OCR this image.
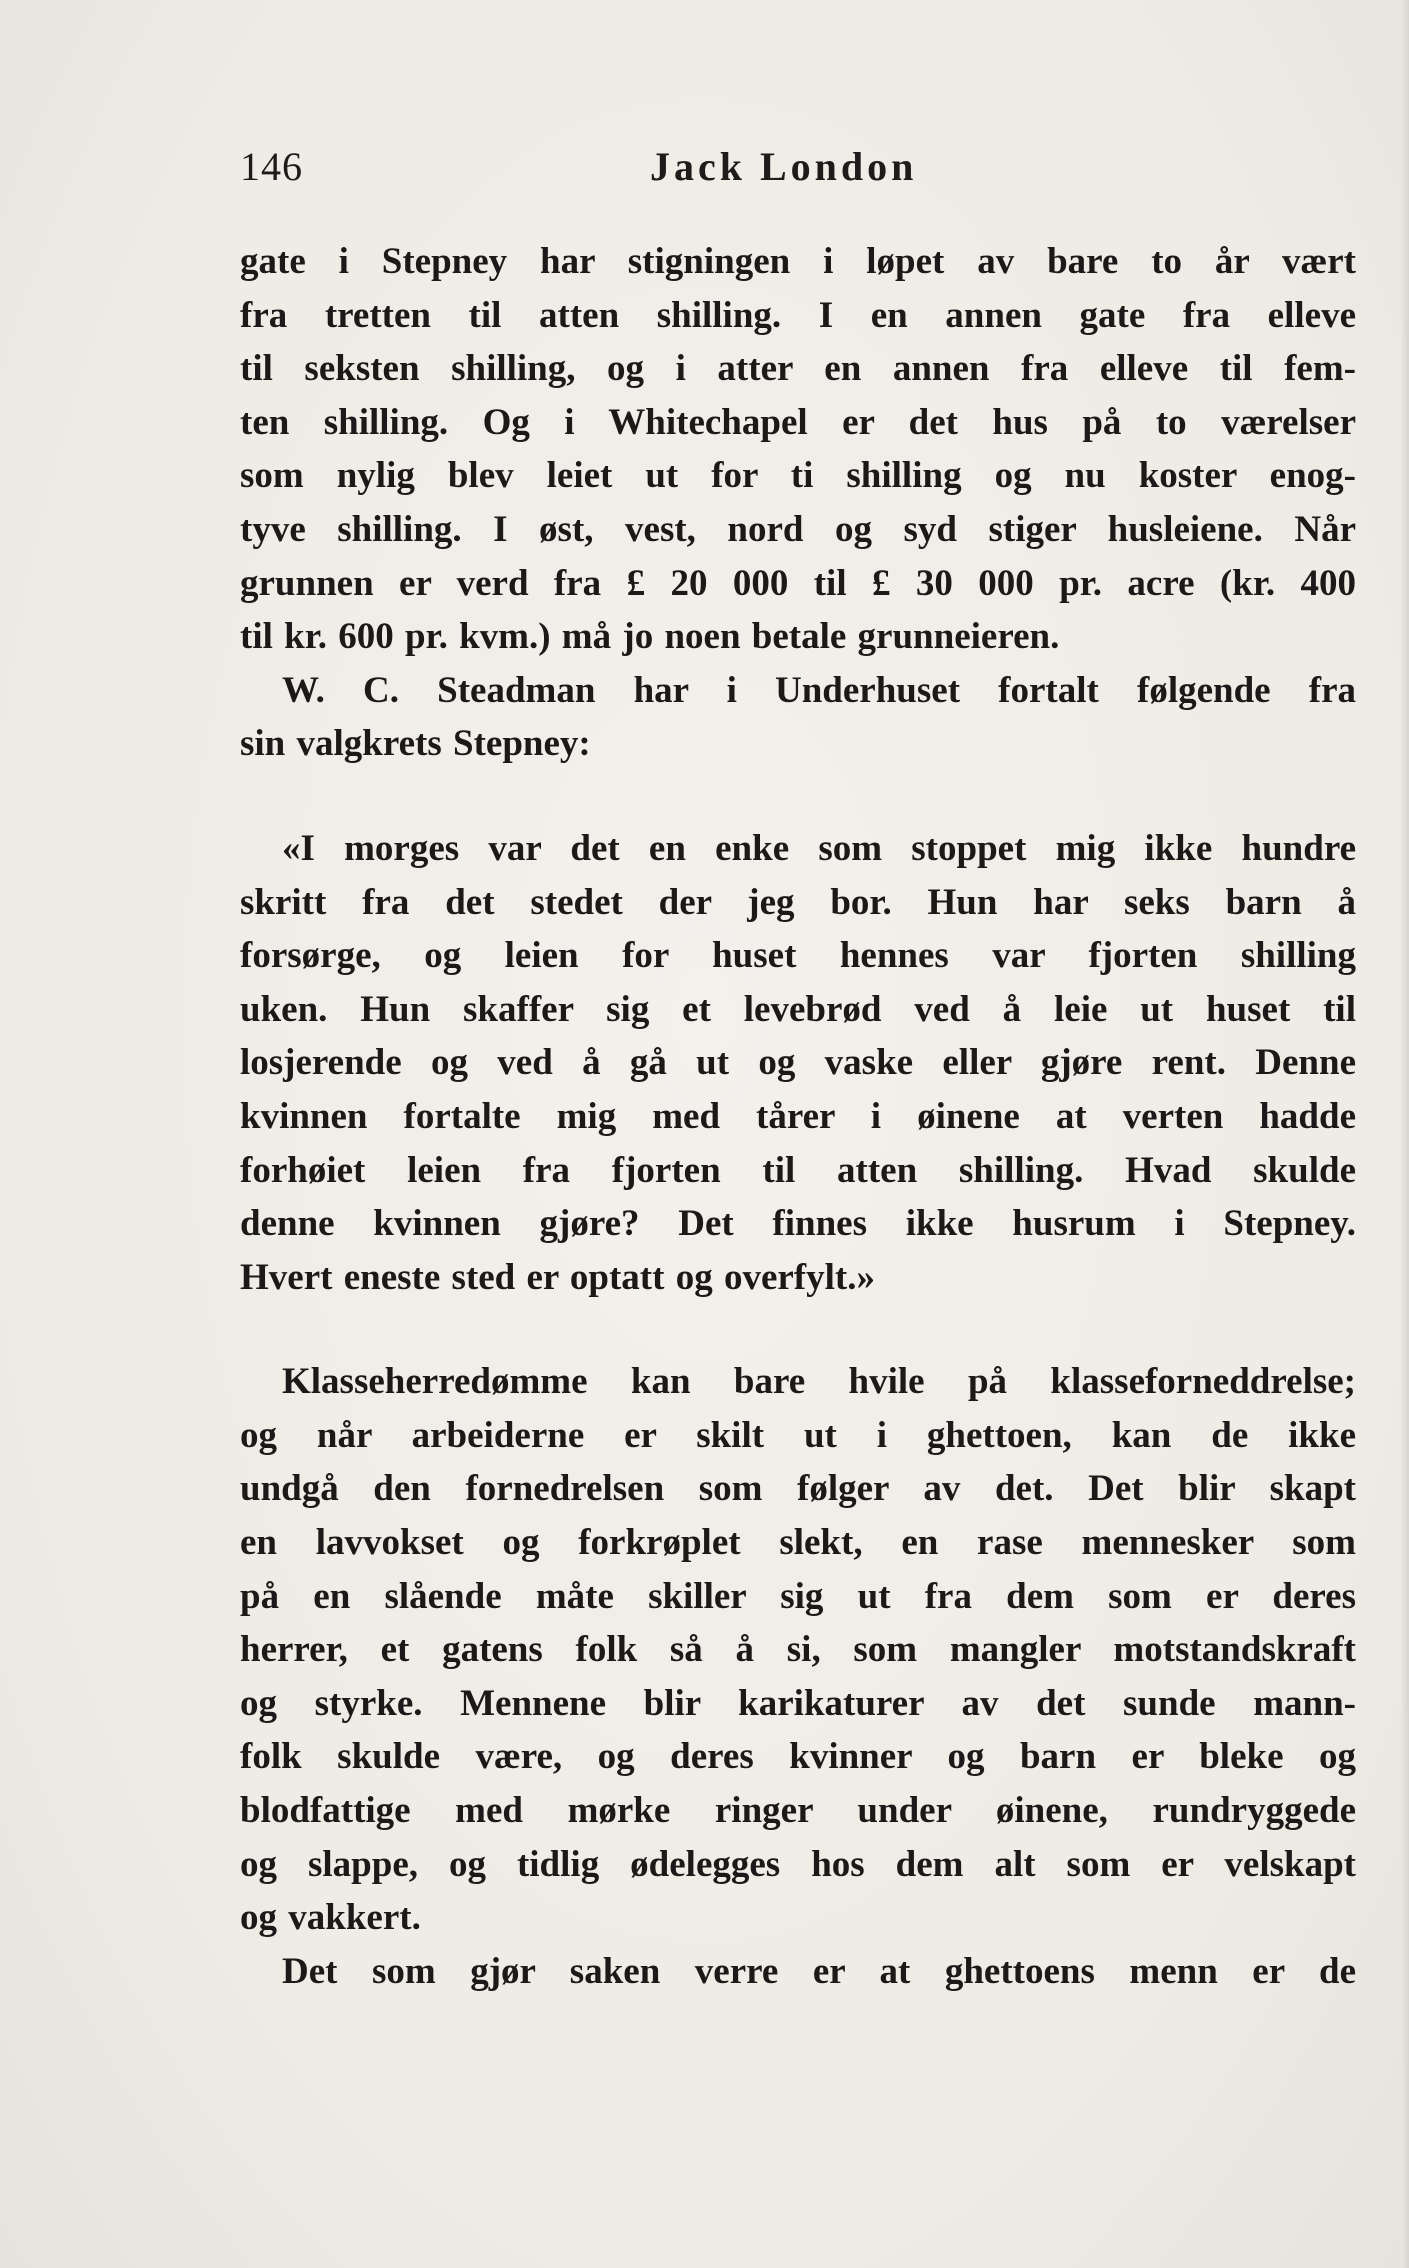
146	Jack London
gate i Stepney har stigningen i løpet av bare to år vært
fra tretten til atten shilling. I en annen gate fra elleve
til seksten shilling, og i atter en annen fra elleve til fem-
ten shilling. Og i Whitechapel er det hus på to værelser
som nylig blev leiet ut for ti shilling og nu koster enog-
tyve shilling. I øst, vest, nord og syd stiger husleiene. Når
grunnen er verd fra £ 20 000 til £ 30 000 pr. acre (kr. 400
til kr. 600 pr. kvm.) må jo noen betale grunneieren.
W. C. Steadman har i Underhuset fortalt følgende fra
sin valgkrets Stepney:
«I morges var det en enke som stoppet mig ikke hundre
skritt fra det stedet der jeg bor. Hun har seks barn å
forsørge, og leien for huset hennes var fjorten shilling
uken. Hun skaffer sig et levebrød ved å leie ut huset til
losjerende og ved å gå ut og vaske eller gjøre rent. Denne
kvinnen fortalte mig med tårer i øinene at verten hadde
forhøiet leien fra fjorten til atten shilling. Hvad skulde
denne kvinnen gjøre? Det finnes ikke husrum i Stepney.
Hvert eneste sted er optatt og overfylt.»
Klasseherredømme kan bare hvile på klasseforneddrelse;
og når arbeiderne er skilt ut i ghettoen, kan de ikke
undgå den fornedrelsen som følger av det. Det blir skapt
en lavvokset og forkrøplet slekt, en rase mennesker som
på en slående måte skiller sig ut fra dem som er deres
herrer, et gatens folk så å si, som mangler motstandskraft
og styrke. Mennene blir karikaturer av det sunde mann-
folk skulde være, og deres kvinner og barn er bleke og
blodfattige med mørke ringer under øinene, rundryggede
og slappe, og tidlig ødelegges hos dem alt som er velskapt
og vakkert.
Det som gjør saken verre er at ghettoens menn er de
